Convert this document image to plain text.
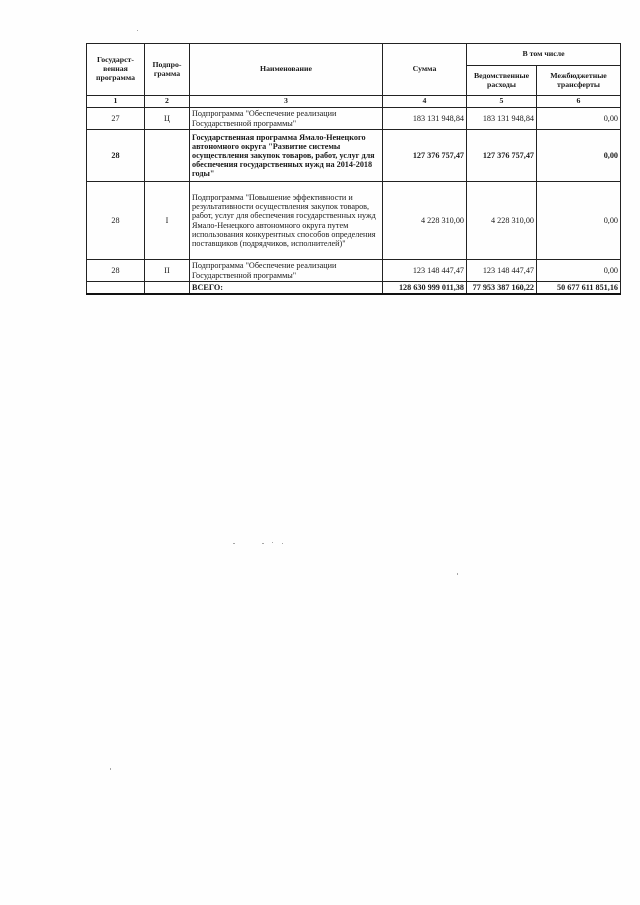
Государст-венная программа	Подпро-грамма	Наименование	Сумма	В том числе	
				Ведомственные расходы	Межбюджетные трансферты
1	2	3	4	5	6
27	Ц	Подпрограмма "Обеспечение реализации Государственной программы"	183 131 948,84	183 131 948,84	0,00
28		Государственная программа Ямало-Ненецкого автономного округа "Развитие системы осуществления закупок товаров, работ, услуг для обеспечения государственных нужд на 2014-2018 годы"	127 376 757,47	127 376 757,47	0,00
28	I	Подпрограмма "Повышение эффективности и результативности осуществления закупок товаров, работ, услуг для обеспечения государственных нужд Ямало-Ненецкого автономного округа путем использования конкурентных способов определения поставщиков (подрядчиков, исполнителей)"	4 228 310,00	4 228 310,00	0,00
28	II	Подпрограмма "Обеспечение реализации Государственной программы"	123 148 447,47	123 148 447,47	0,00
		ВСЕГО:	128 630 999 011,38	77 953 387 160,22	50 677 611 851,16
